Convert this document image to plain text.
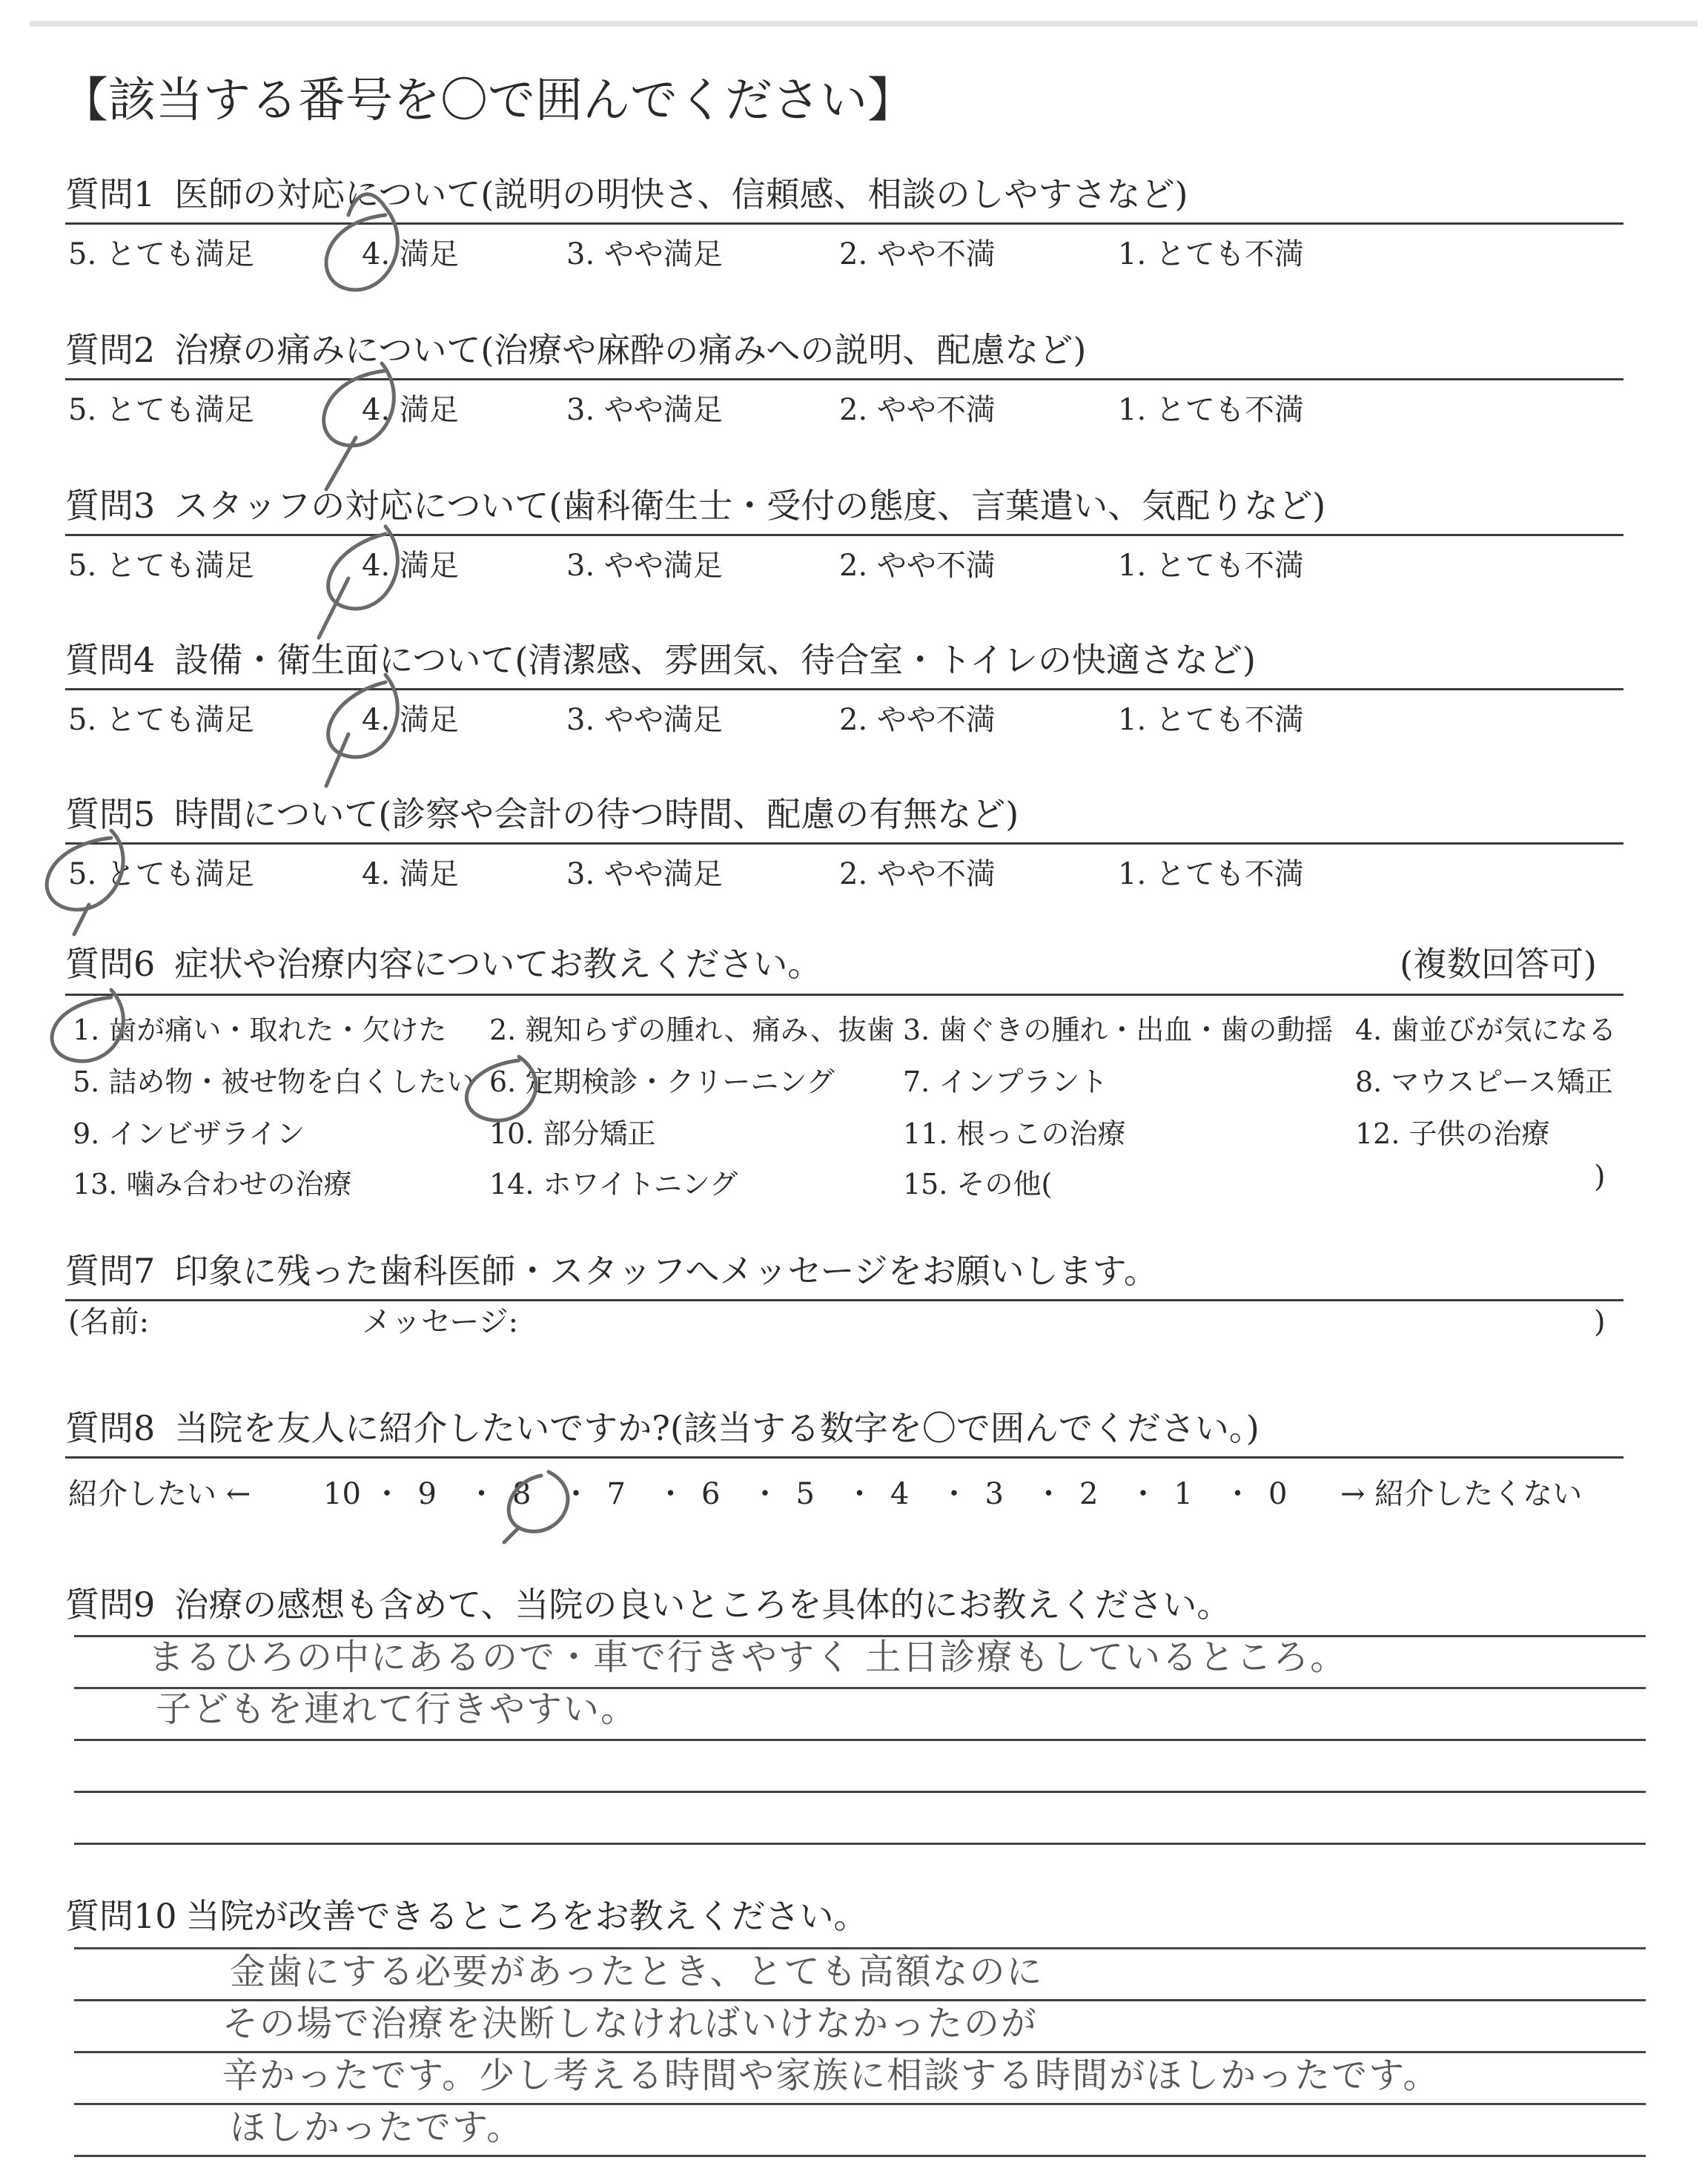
【該当する番号を〇で囲んでください】
質問1 医師の対応について(説明の明快さ、信頼感、相談のしやすさなど)
5. とても満足	4. 満足	3. やや満足	2. やや不満	1. とても不満
質問2 治療の痛みについて(治療や麻酔の痛みへの説明、配慮など)
5. とても満足	4. 満足	3. やや満足	2. やや不満	1. とても不満
質問3 スタッフの対応について(歯科衛生士・受付の態度、言葉遣い、気配りなど)
5. とても満足	4. 満足	3. やや満足	2. やや不満	1. とても不満
質問4 設備・衛生面について(清潔感、雰囲気、待合室・トイレの快適さなど)
5. とても満足	4. 満足	3. やや満足	2. やや不満	1. とても不満
質問5 時間について(診察や会計の待つ時間、配慮の有無など)
5. とても満足	4. 満足	3. やや満足	2. やや不満	1. とても不満
質問6 症状や治療内容についてお教えください。	(複数回答可)
1. 歯が痛い・取れた・欠けた 2. 親知らずの腫れ、痛み、抜歯 3. 歯ぐきの腫れ・出血・歯の動揺 4. 歯並びが気になる
5. 詰め物・被せ物を白くしたい 6. 定期検診・クリーニング 7. インプラント	8. マウスピース矯正
9. インビザライン	10. 部分矯正	11. 根っこの治療	12. 子供の治療
13. 噛み合わせの治療	14. ホワイトニング	15. その他(	)
質問7 印象に残った歯科医師・スタッフへメッセージをお願いします。
(名前:	メッセージ:	)
質問8 当院を友人に紹介したいですか?(該当する数字を〇で囲んでください。)
紹介したい ←	→ 紹介したくない
10 ・ 9 ・ 8 ・ 7 ・ 6 ・ 5 ・ 4 ・ 3 ・ 2 ・ 1 ・ 0
質問9 治療の感想も含めて、当院の良いところを具体的にお教えください。
まるひろの中にあるので・車で行きやすく 土日診療もしているところ。
子どもを連れて行きやすい。
質問10 当院が改善できるところをお教えください。
金歯にする必要があったとき、とても高額なのに
その場で治療を決断しなければいけなかったのが
辛かったです。少し考える時間や家族に相談する時間がほしかったです。
ほしかったです。
